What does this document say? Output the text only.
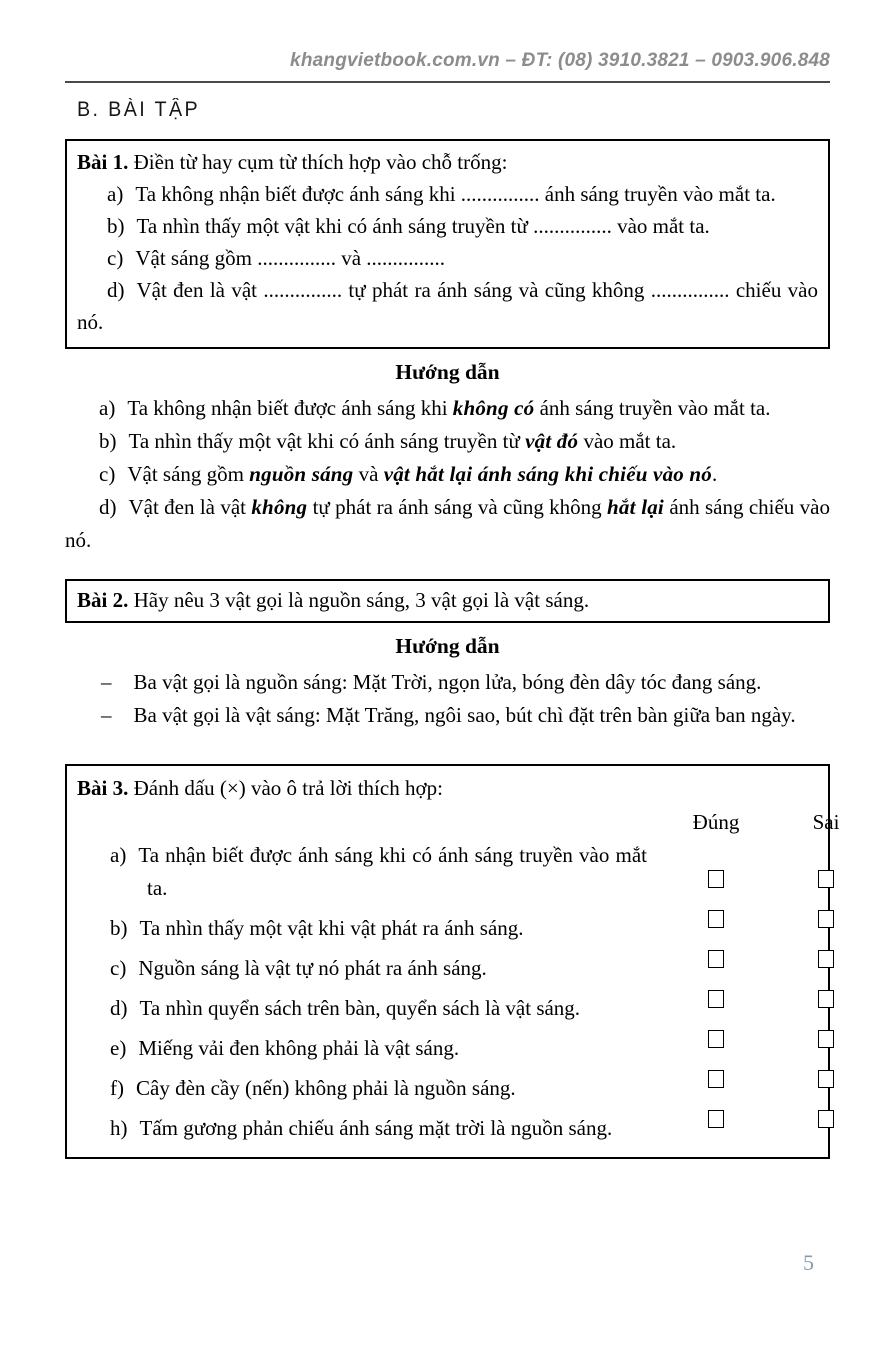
khangvietbook.com.vn – ĐT: (08) 3910.3821 – 0903.906.848
B. BÀI TẬP

Bài 1. Điền từ hay cụm từ thích hợp vào chỗ trống:

a) Ta không nhận biết được ánh sáng khi ............... ánh sáng truyền vào mắt ta.

b) Ta nhìn thấy một vật khi có ánh sáng truyền từ ............... vào mắt ta.

c) Vật sáng gồm ............... và ...............

d) Vật đen là vật ............... tự phát ra ánh sáng và cũng không ............... chiếu vào nó.

Hướng dẫn

a) Ta không nhận biết được ánh sáng khi không có ánh sáng truyền vào mắt ta.

b) Ta nhìn thấy một vật khi có ánh sáng truyền từ vật đó vào mắt ta.

c) Vật sáng gồm nguồn sáng và vật hắt lại ánh sáng khi chiếu vào nó.

d) Vật đen là vật không tự phát ra ánh sáng và cũng không hắt lại ánh sáng chiếu vào nó.

Bài 2. Hãy nêu 3 vật gọi là nguồn sáng, 3 vật gọi là vật sáng.

Hướng dẫn

– Ba vật gọi là nguồn sáng: Mặt Trời, ngọn lửa, bóng đèn dây tóc đang sáng.

– Ba vật gọi là vật sáng: Mặt Trăng, ngôi sao, bút chì đặt trên bàn giữa ban ngày.

Bài 3. Đánh dấu (×) vào ô trả lời thích hợp:

Đúng	Sai
a) Ta nhận biết được ánh sáng khi có ánh sáng truyền vào mắt ta.
b) Ta nhìn thấy một vật khi vật phát ra ánh sáng.
c) Nguồn sáng là vật tự nó phát ra ánh sáng.
d) Ta nhìn quyển sách trên bàn, quyển sách là vật sáng.
e) Miếng vải đen không phải là vật sáng.
f) Cây đèn cầy (nến) không phải là nguồn sáng.
h) Tấm gương phản chiếu ánh sáng mặt trời là nguồn sáng.
5
